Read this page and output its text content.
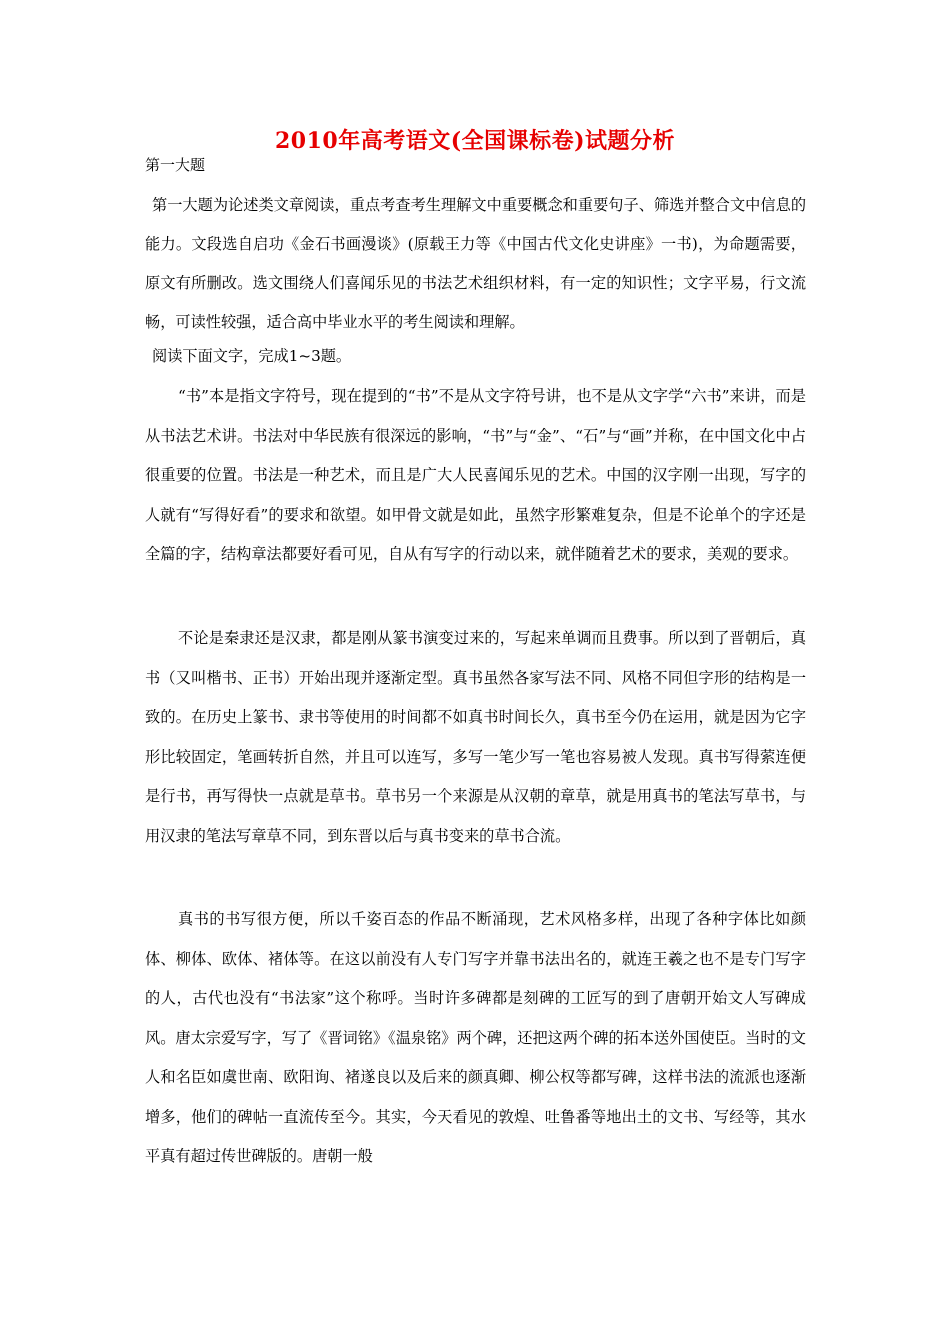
2010年高考语文(全国课标卷)试题分析
第一大题
第一大题为论述类文章阅读，重点考查考生理解文中重要概念和重要句子、筛选并整合文中信息的能力。文段选自启功《金石书画漫谈》(原载王力等《中国古代文化史讲座》一书)，为命题需要，原文有所删改。选文围绕人们喜闻乐见的书法艺术组织材料，有一定的知识性；文字平易，行文流畅，可读性较强，适合高中毕业水平的考生阅读和理解。
阅读下面文字，完成1~3题。
“书”本是指文字符号，现在提到的“书”不是从文字符号讲，也不是从文字学“六书”来讲，而是从书法艺术讲。书法对中华民族有很深远的影响，“书”与“金”、“石”与“画”并称，在中国文化中占很重要的位置。书法是一种艺术，而且是广大人民喜闻乐见的艺术。中国的汉字刚一出现，写字的人就有“写得好看”的要求和欲望。如甲骨文就是如此，虽然字形繁难复杂，但是不论单个的字还是全篇的字，结构章法都要好看可见，自从有写字的行动以来，就伴随着艺术的要求，美观的要求。
不论是秦隶还是汉隶，都是刚从篆书演变过来的，写起来单调而且费事。所以到了晋朝后，真书（又叫楷书、正书）开始出现并逐渐定型。真书虽然各家写法不同、风格不同但字形的结构是一致的。在历史上篆书、隶书等使用的时间都不如真书时间长久，真书至今仍在运用，就是因为它字形比较固定，笔画转折自然，并且可以连写，多写一笔少写一笔也容易被人发现。真书写得萦连便是行书，再写得快一点就是草书。草书另一个来源是从汉朝的章草，就是用真书的笔法写草书，与用汉隶的笔法写章草不同，到东晋以后与真书变来的草书合流。
真书的书写很方便，所以千姿百态的作品不断涌现，艺术风格多样，出现了各种字体比如颜体、柳体、欧体、褚体等。在这以前没有人专门写字并靠书法出名的，就连王羲之也不是专门写字的人，古代也没有“书法家”这个称呼。当时许多碑都是刻碑的工匠写的到了唐朝开始文人写碑成风。唐太宗爱写字，写了《晋词铭》《温泉铭》两个碑，还把这两个碑的拓本送外国使臣。当时的文人和名臣如虞世南、欧阳询、褚遂良以及后来的颜真卿、柳公权等都写碑，这样书法的流派也逐渐增多，他们的碑帖一直流传至今。其实，今天看见的敦煌、吐鲁番等地出土的文书、写经等，其水平真有超过传世碑版的。唐朝一般
